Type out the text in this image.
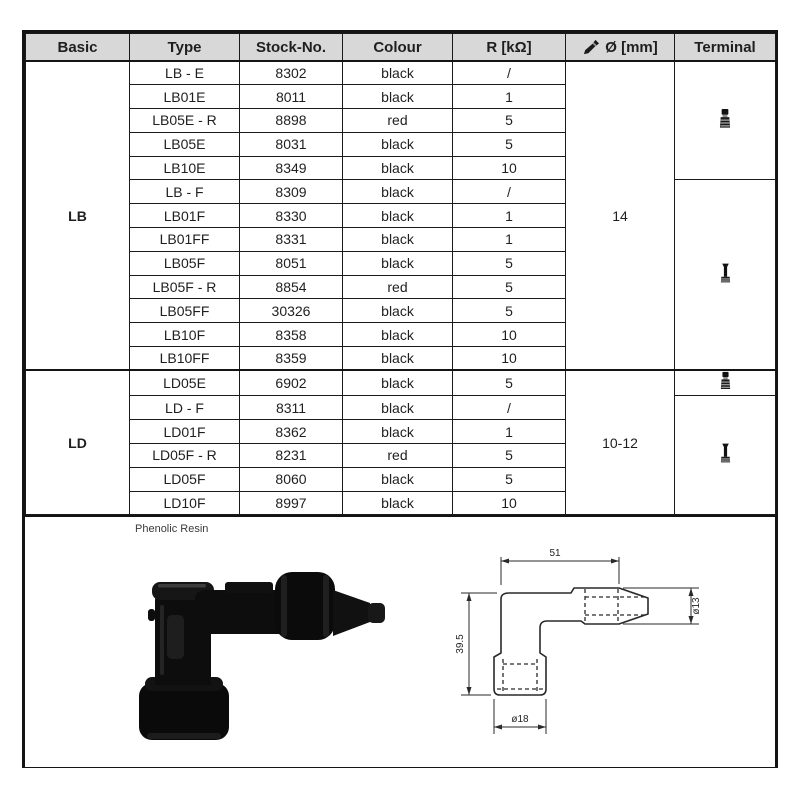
Basic	Type	Stock-No.	Colour	R [kΩ]	Ø [mm]	Terminal
LB	LB - E	8302	black	/	14	
	LB01E	8011	black	1		
	LB05E - R	8898	red	5		
	LB05E	8031	black	5		
	LB10E	8349	black	10		
	LB - F	8309	black	/	
	LB01F	8330	black	1		
	LB01FF	8331	black	1		
	LB05F	8051	black	5		
	LB05F - R	8854	red	5		
	LB05FF	30326	black	5		
	LB10F	8358	black	10		
	LB10FF	8359	black	10		
LD	LD05E	6902	black	5	10-12	
	LD - F	8311	black	/	
	LD01F	8362	black	1		
	LD05F - R	8231	red	5		
	LD05F	8060	black	5		
	LD10F	8997	black	10		
Phenolic Resin
51
39.5
ø13
ø18
